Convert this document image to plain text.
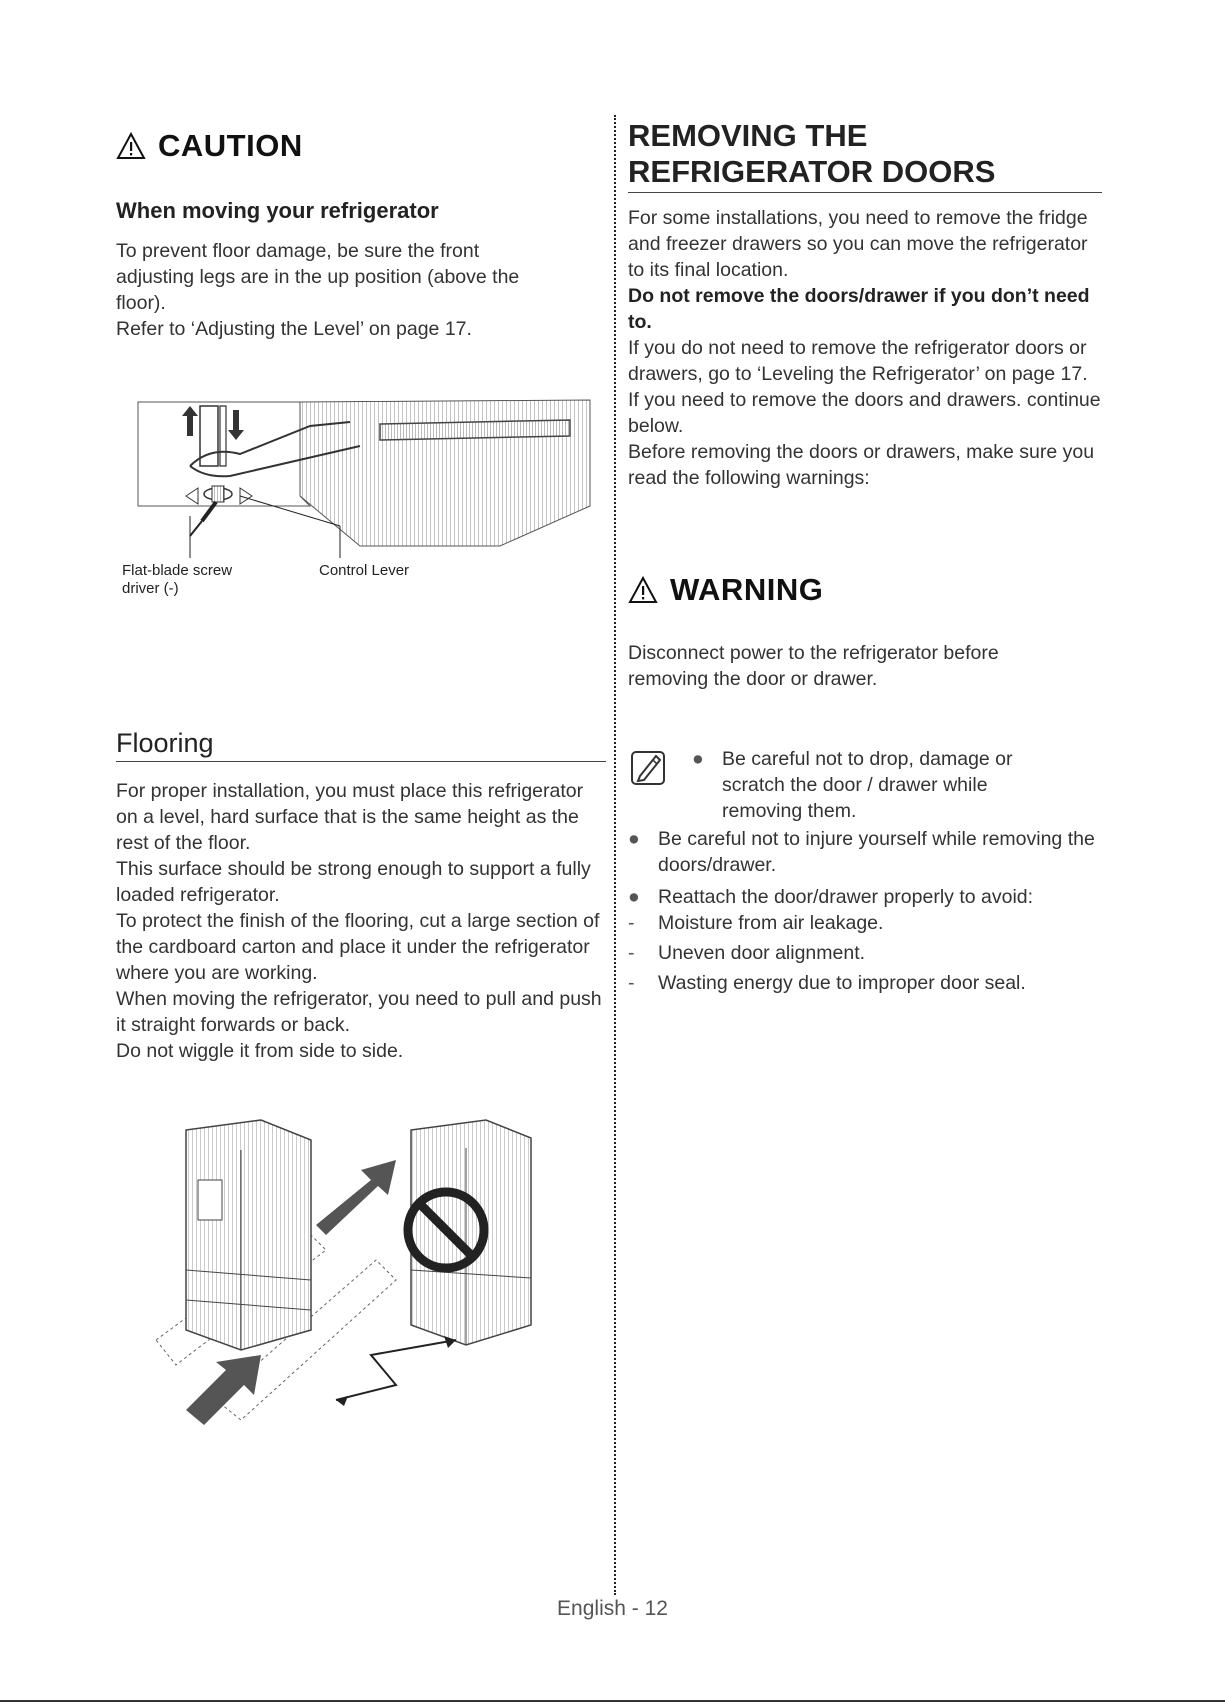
CAUTION
When moving your refrigerator

To prevent floor damage, be sure the front adjusting legs are in the up position (above the floor).

Refer to ‘Adjusting the Level’ on page 17.

Flat-blade screw driver (-)
Control Lever
Flooring

For proper installation, you must place this refrigerator on a level, hard surface that is the same height as the rest of the floor.

This surface should be strong enough to support a fully loaded refrigerator.

To protect the finish of the flooring, cut a large section of the cardboard carton and place it under the refrigerator where you are working.

When moving the refrigerator, you need to pull and push it straight forwards or back.

Do not wiggle it from side to side.

REMOVING THE REFRIGERATOR DOORS

For some installations, you need to remove the fridge and freezer drawers so you can move the refrigerator to its final location.

Do not remove the doors/drawer if you don’t need to.

If you do not need to remove the refrigerator doors or drawers, go to ‘Leveling the Refrigerator’ on page 17. If you need to remove the doors and drawers. continue below.

Before removing the doors or drawers, make sure you read the following warnings:

WARNING

Disconnect power to the refrigerator before removing the door or drawer.

● Be careful not to drop, damage or scratch the door / drawer while removing them.
● Be careful not to injure yourself while removing the doors/drawer.
● Reattach the door/drawer properly to avoid:
-	Moisture from air leakage.
-	Uneven door alignment.
-	Wasting energy due to improper door seal.
English - 12
